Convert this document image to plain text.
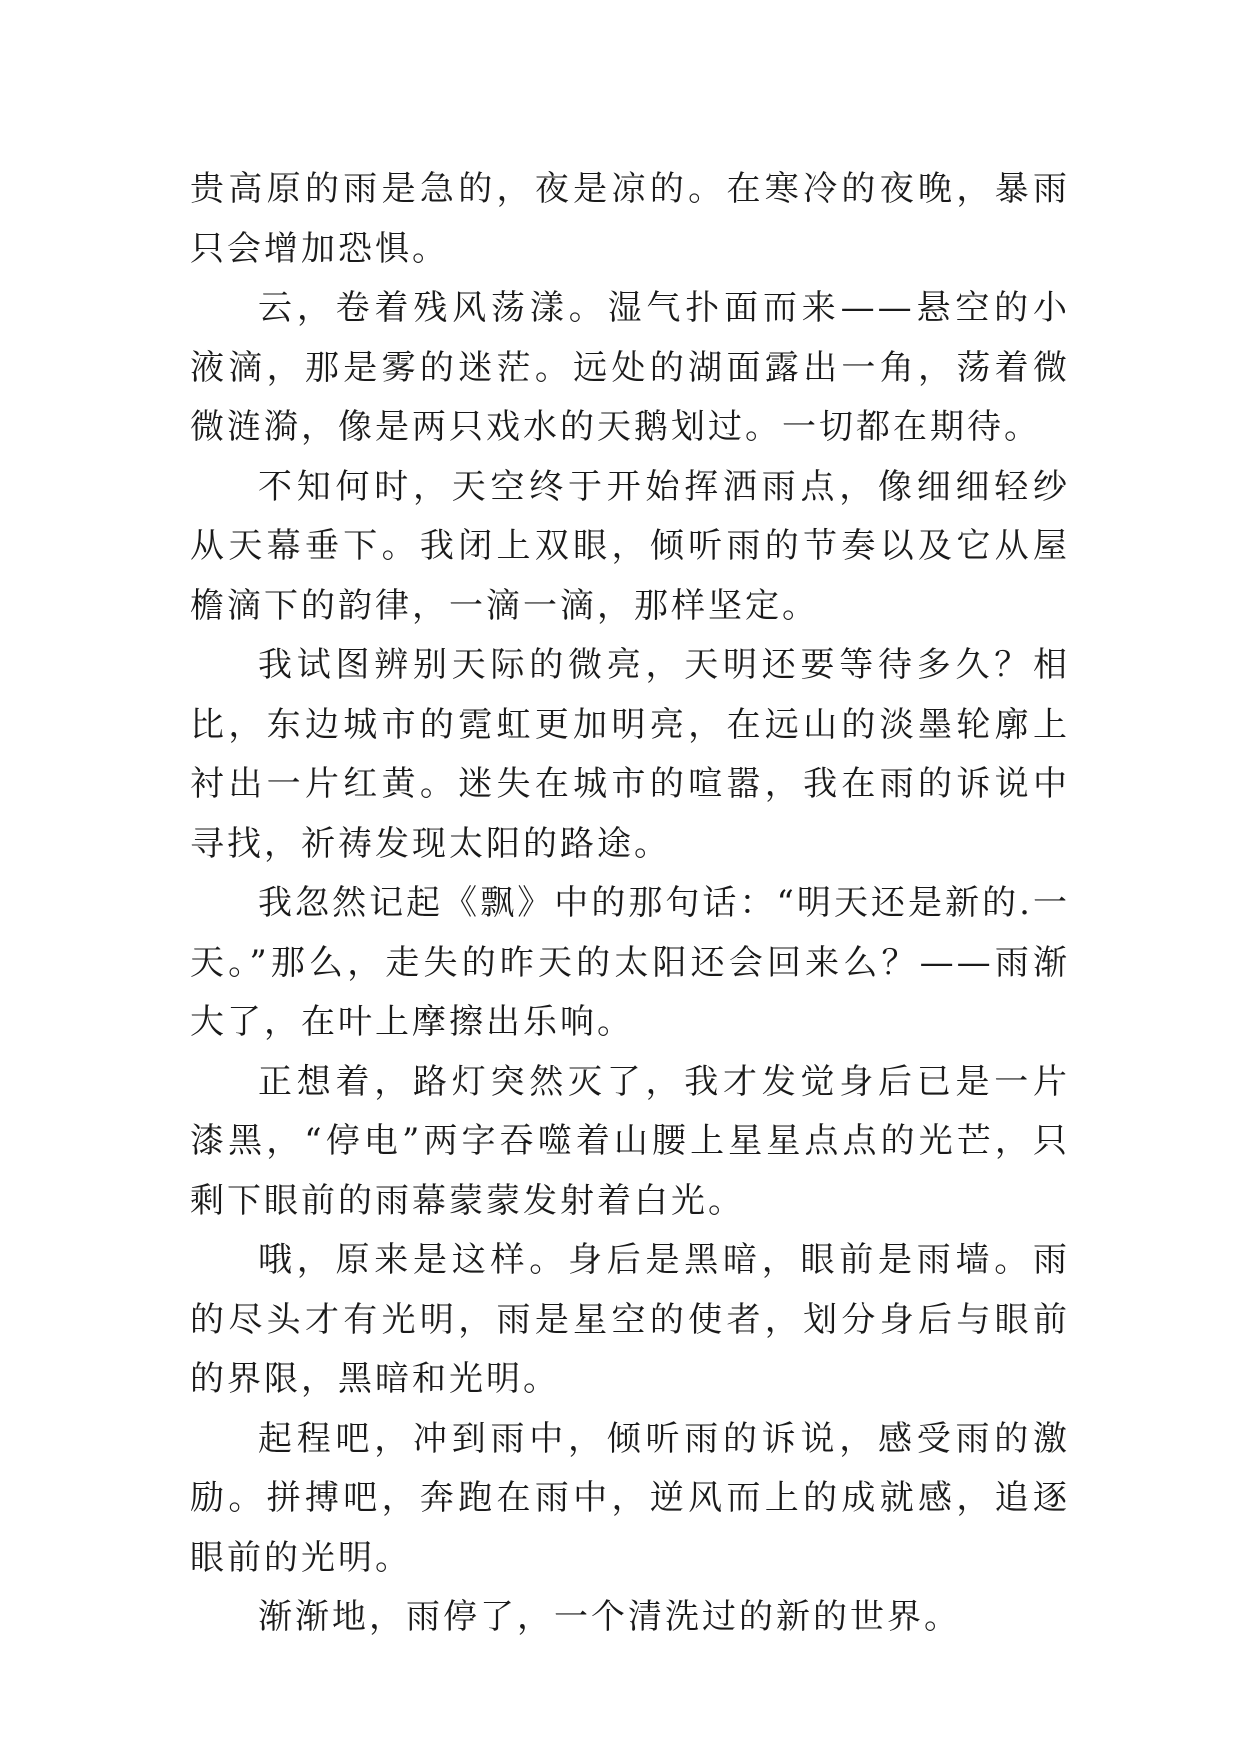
贵高原的雨是急的，夜是凉的。在寒冷的夜晚，暴雨只会增加恐惧。

云，卷着残风荡漾。湿气扑面而来——悬空的小液滴，那是雾的迷茫。远处的湖面露出一角，荡着微微涟漪，像是两只戏水的天鹅划过。一切都在期待。

不知何时，天空终于开始挥洒雨点，像细细轻纱从天幕垂下。我闭上双眼，倾听雨的节奏以及它从屋檐滴下的韵律，一滴一滴，那样坚定。

我试图辨别天际的微亮，天明还要等待多久？相比，东边城市的霓虹更加明亮，在远山的淡墨轮廓上衬出一片红黄。迷失在城市的喧嚣，我在雨的诉说中寻找，祈祷发现太阳的路途。

我忽然记起《飘》中的那句话：“明天还是新的.一天。”那么，走失的昨天的太阳还会回来么？——雨渐大了，在叶上摩擦出乐响。

正想着，路灯突然灭了，我才发觉身后已是一片漆黑，“停电”两字吞噬着山腰上星星点点的光芒，只剩下眼前的雨幕蒙蒙发射着白光。

哦，原来是这样。身后是黑暗，眼前是雨墙。雨的尽头才有光明，雨是星空的使者，划分身后与眼前的界限，黑暗和光明。

起程吧，冲到雨中，倾听雨的诉说，感受雨的激励。拼搏吧，奔跑在雨中，逆风而上的成就感，追逐眼前的光明。

渐渐地，雨停了，一个清洗过的新的世界。
